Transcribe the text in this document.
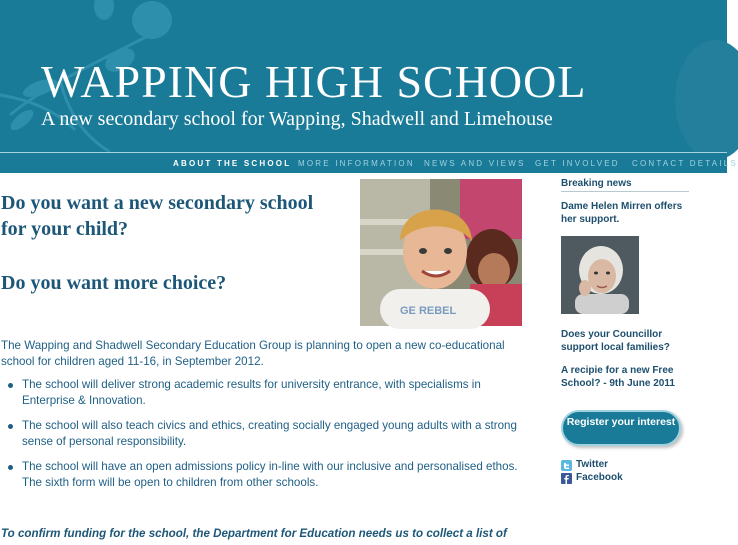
WAPPING HIGH SCHOOL
A new secondary school for Wapping, Shadwell and Limehouse
ABOUT THE SCHOOL MORE INFORMATION NEWS AND VIEWS GET INVOLVED CONTACT DETAILS
Do you want a new secondary school
for your child?
Do you want more choice?
GE REBEL
The Wapping and Shadwell Secondary Education Group is planning to open a new co-educational school for children aged 11-16, in September 2012.
The school will deliver strong academic results for university entrance, with specialisms in Enterprise & Innovation.
The school will also teach civics and ethics, creating socially engaged young adults with a strong sense of personal responsibility.
The school will have an open admissions policy in-line with our inclusive and personalised ethos. The sixth form will be open to children from other schools.
To confirm funding for the school, the Department for Education needs us to collect a list of
Breaking news
Dame Helen Mirren offers her support.
Does your Councillor support local families?
A recipie for a new Free School? - 9th June 2011
Register your interest
Twitter
Facebook
